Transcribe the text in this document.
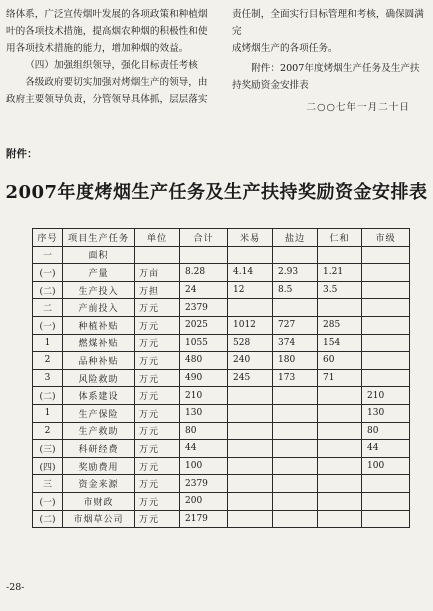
络体系，广泛宣传烟叶发展的各项政策和种植烟

叶的各项技术措施，提高烟农种烟的积极性和使

用各项技术措施的能力，增加种烟的效益。

（四）加强组织领导，强化目标责任考核

各级政府要切实加强对烤烟生产的领导，由

政府主要领导负责，分管领导具体抓，层层落实

责任制，全面实行目标管理和考核，确保圆满完

成烤烟生产的各项任务。

附件：2007年度烤烟生产任务及生产扶持奖励资金安排表

二○○七年一月二十日

附件：
2007年度烤烟生产任务及生产扶持奖励资金安排表
序号	项目生产任务	单位	合计	米易	盐边	仁和	市级
一	面积						
(一)	产量	万亩	8.28	4.14	2.93	1.21	
(二)	生产投入	万担	24	12	8.5	3.5	
二	产前投入	万元	2379				
(一)	种植补贴	万元	2025	1012	727	285	
1	燃煤补贴	万元	1055	528	374	154	
2	品种补贴	万元	480	240	180	60	
3	风险救助	万元	490	245	173	71	
(二)	体系建设	万元	210				210
1	生产保险	万元	130				130
2	生产救助	万元	80				80
(三)	科研经费	万元	44				44
(四)	奖励费用	万元	100				100
三	资金来源	万元	2379				
(一)	市财政	万元	200				
(二)	市烟草公司	万元	2179				
-28-
